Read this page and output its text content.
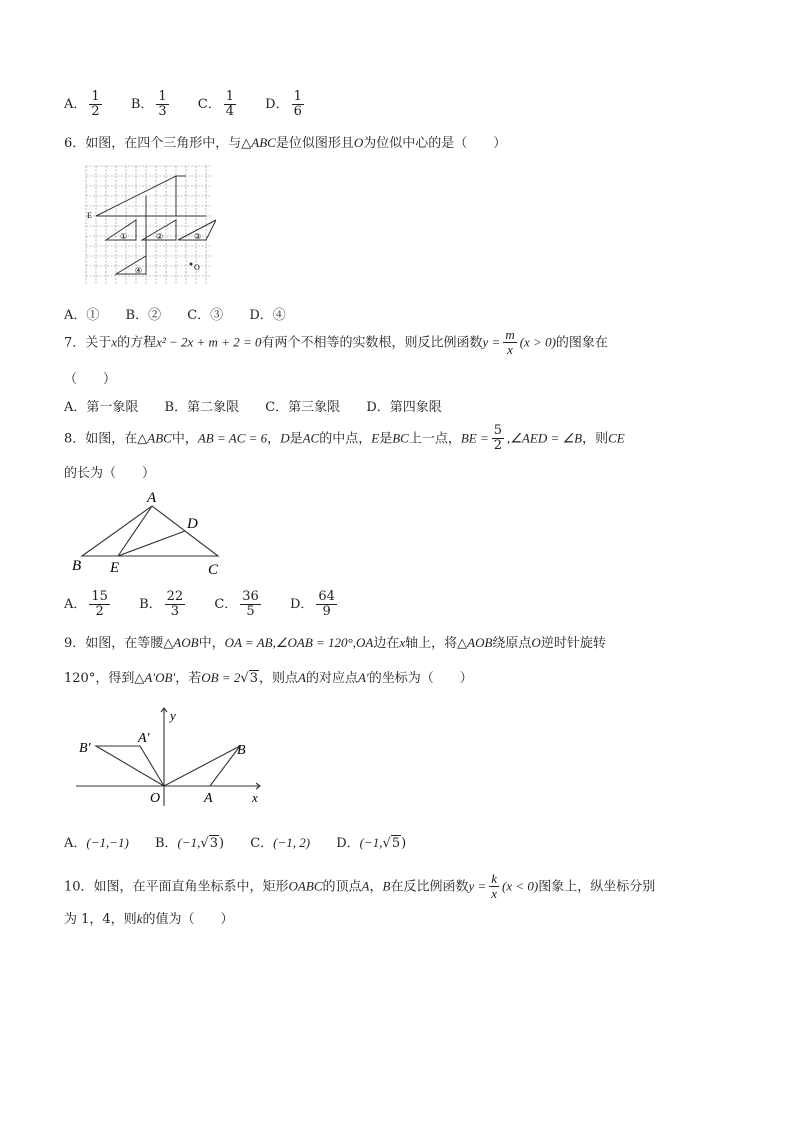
A． $\frac{1}{2}$ B． $\frac{1}{3}$ C． $\frac{1}{4}$ D． $\frac{1}{6}$
6．如图，在四个三角形中，与△ABC是位似图形且O为位似中心的是（　　）
E
①	②	③
④	O
A．① B．② C．③ D．④
7．关于x的方程x² − 2x + m + 2 = 0有两个不相等的实数根，则反比例函数$y = \frac{m}{x} (x > 0)$的图象在
（　　）
A．第一象限 B．第二象限 C．第三象限 D．第四象限
8．如图，在△ABC中，AB = AC = 6，D是AC的中点，E是BC上一点，BE = $\frac{5}{2}$ ,∠AED = ∠B，则CE
的长为（　　）
A
B E	C
D
A． $\frac{15}{2}$ B． $\frac{22}{3}$ C． $\frac{36}{5}$ D． $\frac{64}{9}$
9．如图，在等腰△AOB中，OA = AB,∠OAB = 120°,OA边在x轴上，将△AOB绕原点O逆时针旋转
120°，得到△A′OB′，若OB = 2√3，则点A的对应点A′的坐标为（　　）
y
x
O	A
B
A′
B′
A．(−1,−1) B．(−1,√3) C．(−1, 2) D．(−1,√5)
10．如图，在平面直角坐标系中，矩形OABC的顶点A，B在反比例函数$y = \frac{k}{x} (x < 0)$图象上，纵坐标分别
为 1，4，则k的值为（　　）
